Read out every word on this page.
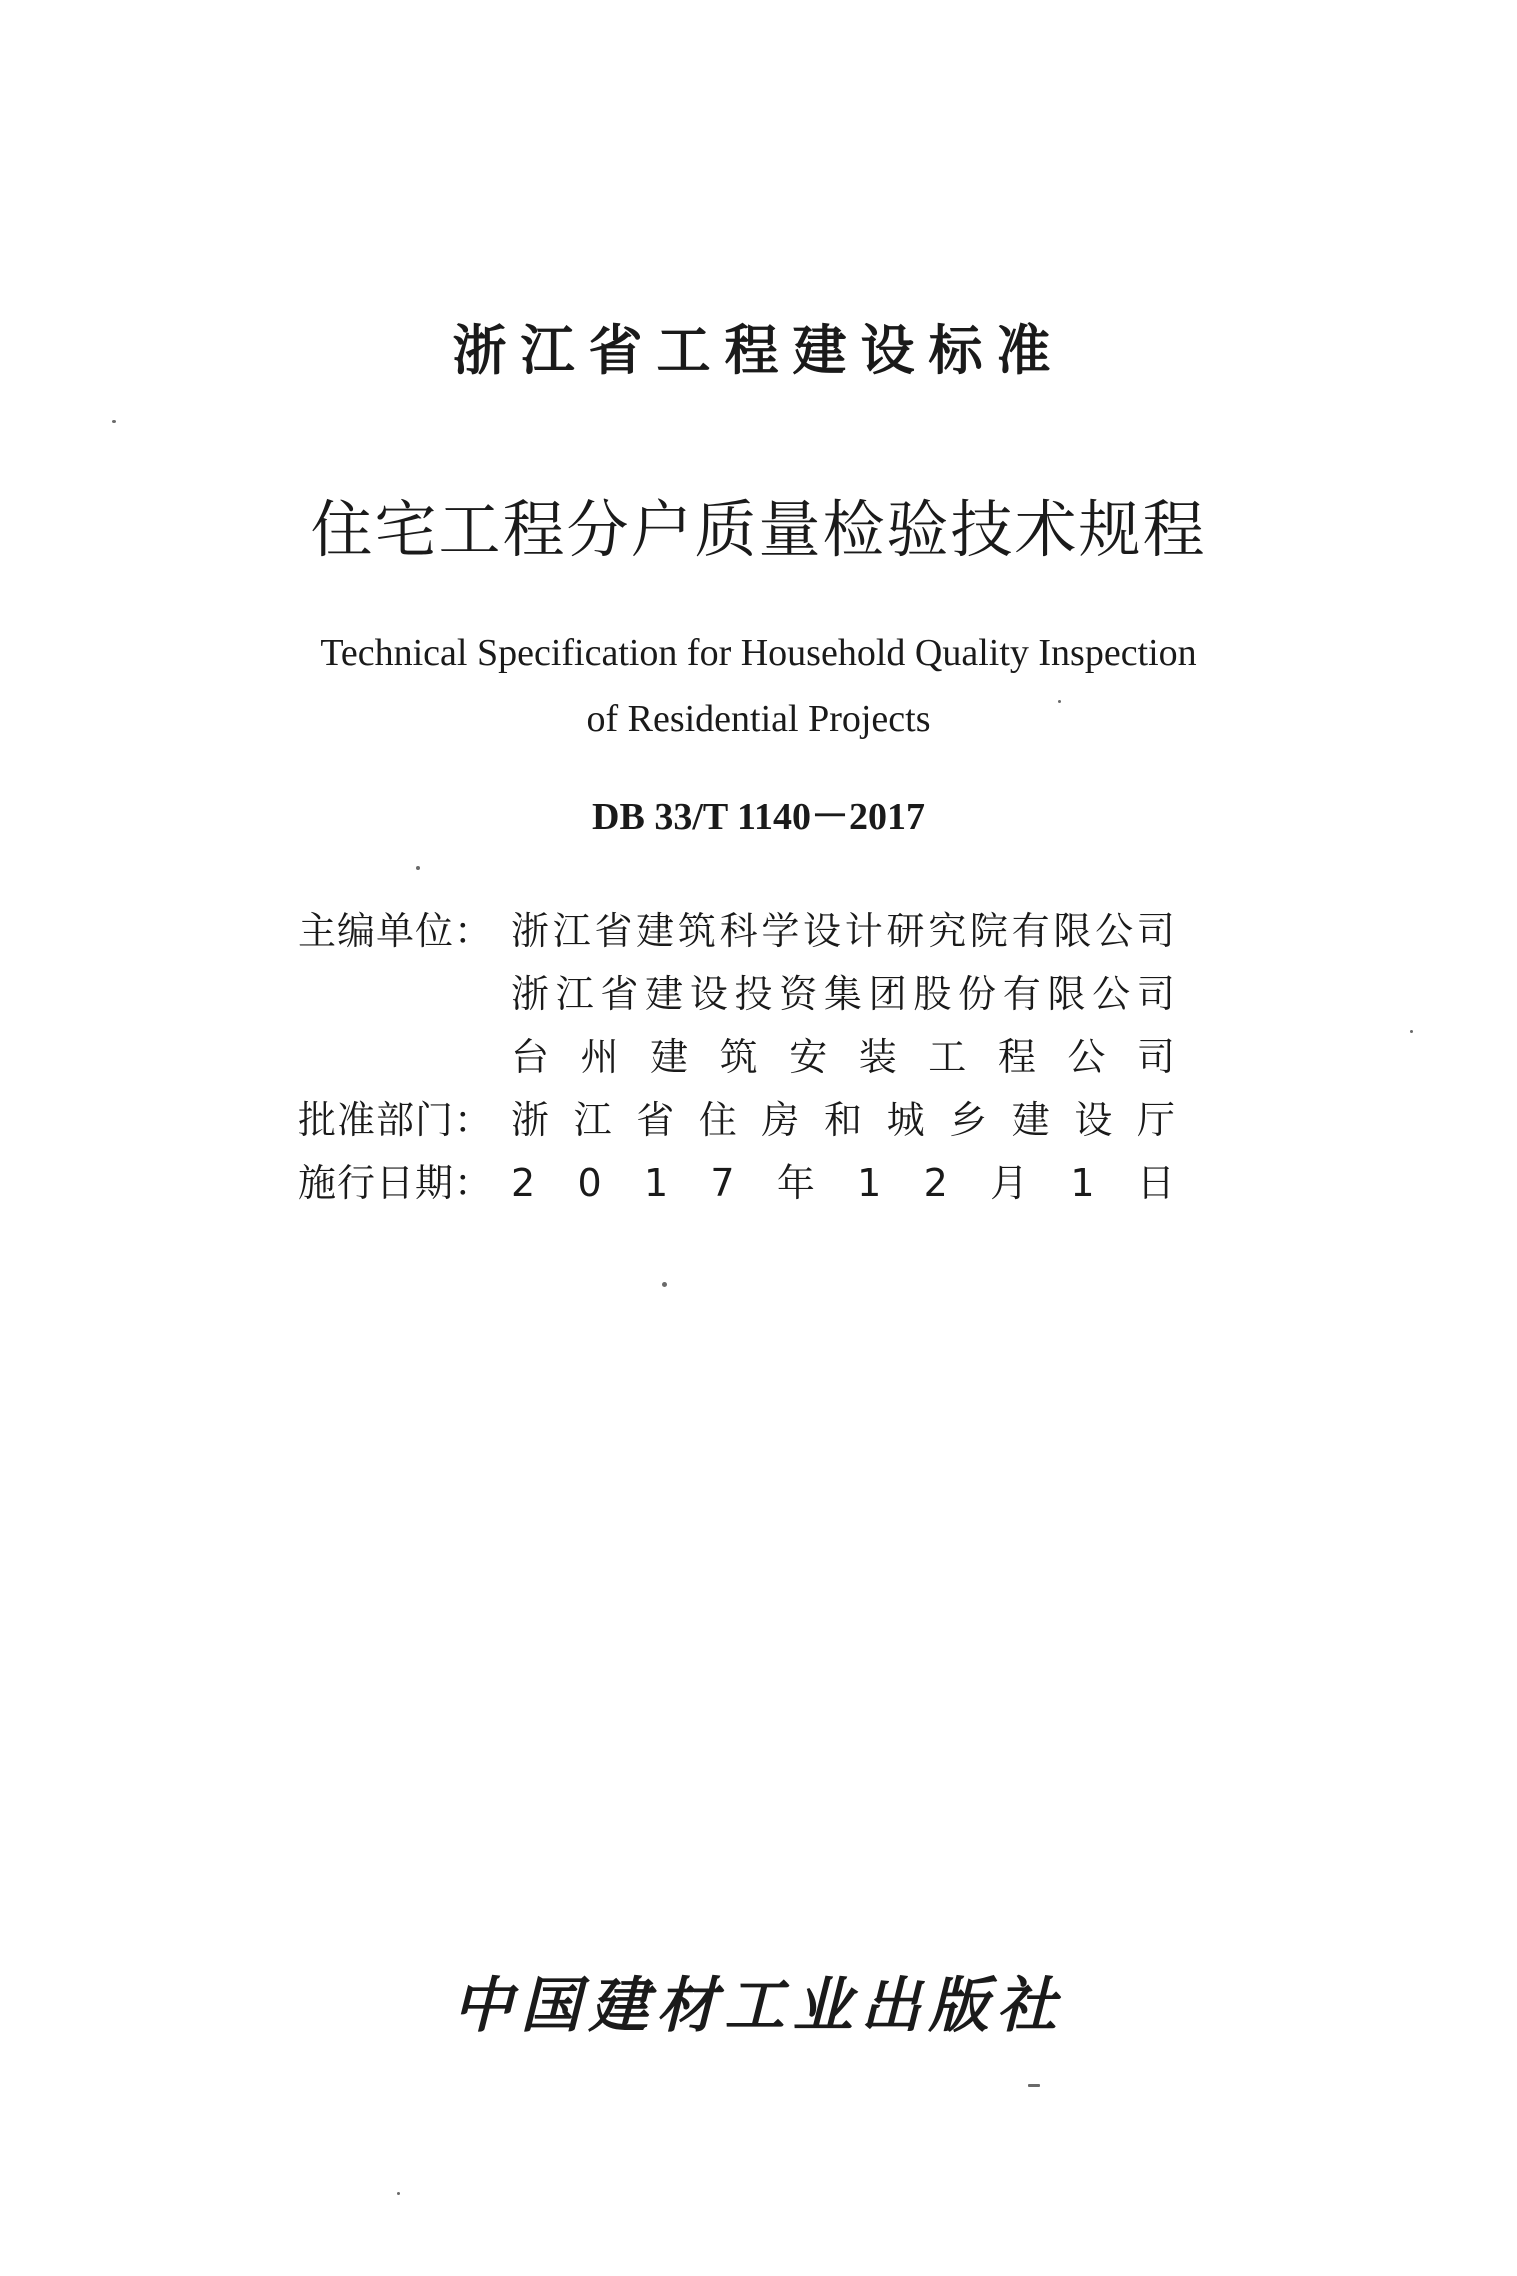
浙江省工程建设标准
住宅工程分户质量检验技术规程
Technical Specification for Household Quality Inspection
of Residential Projects
DB 33/T 1140－2017
主编单位： 浙 江 省 建 筑 科 学 设 计 研 究 院 有 限 公 司
浙 江 省 建 设 投 资 集 团 股 份 有 限 公 司
台 州 建 筑 安 装 工 程 公 司
批准部门： 浙 江 省 住 房 和 城 乡 建 设 厅
施行日期： 2 0 1 7 年 1 2 月 1 日
中国建材工业出版社
